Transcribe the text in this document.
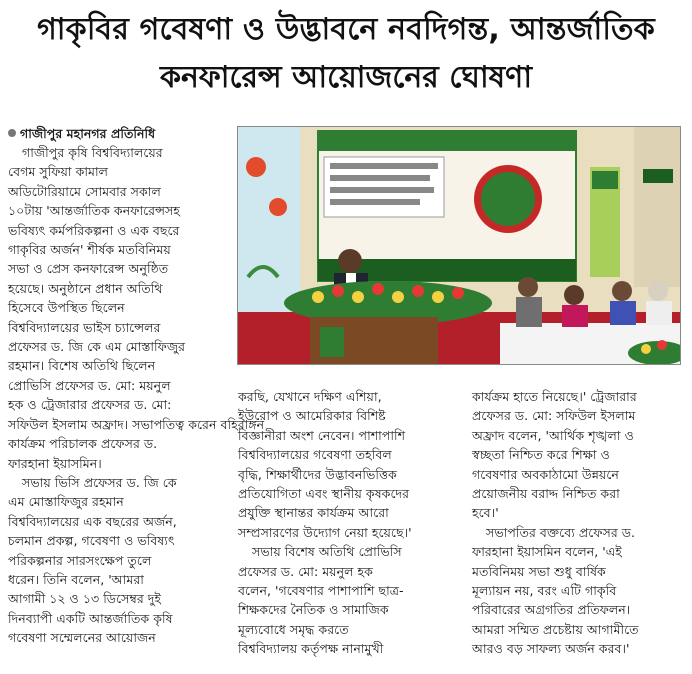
গাকৃবির গবেষণা ও উদ্ভাবনে নবদিগন্ত, আন্তর্জাতিক
কনফারেন্স আয়োজনের ঘোষণা
গাজীপুর মহানগর প্রতিনিধি

গাজীপুর কৃষি বিশ্ববিদ্যালয়ের

বেগম সুফিয়া কামাল

অডিটোরিয়ামে সোমবার সকাল

১০টায় 'আন্তর্জাতিক কনফারেন্সসহ

ভবিষ্যৎ কর্মপরিকল্পনা ও এক বছরে

গাকৃবির অর্জন' শীর্ষক মতবিনিময়

সভা ও প্রেস কনফারেন্স অনুষ্ঠিত

হয়েছে। অনুষ্ঠানে প্রধান অতিথি

হিসেবে উপস্থিত ছিলেন

বিশ্ববিদ্যালয়ের ভাইস চ্যান্সেলর

প্রফেসর ড. জি কে এম মোস্তাফিজুর

রহমান। বিশেষ অতিথি ছিলেন

প্রোভিসি প্রফেসর ড. মো: ময়নুল

হক ও ট্রেজারার প্রফেসর ড. মো:

সফিউল ইসলাম অফ্রাদ। সভাপতিত্ব করেন বহিরাঙ্গন

কার্যক্রম পরিচালক প্রফেসর ড.

ফারহানা ইয়াসমিন।

সভায় ভিসি প্রফেসর ড. জি কে

এম মোস্তাফিজুর রহমান

বিশ্ববিদ্যালয়ের এক বছরের অর্জন,

চলমান প্রকল্প, গবেষণা ও ভবিষ্যৎ

পরিকল্পনার সারসংক্ষেপ তুলে

ধরেন। তিনি বলেন, 'আমরা

আগামী ১২ ও ১৩ ডিসেম্বর দুই

দিনব্যাপী একটি আন্তর্জাতিক কৃষি

গবেষণা সম্মেলনের আয়োজন

করছি, যেখানে দক্ষিণ এশিয়া,

ইউরোপ ও আমেরিকার বিশিষ্ট

বিজ্ঞানীরা অংশ নেবেন। পাশাপাশি

বিশ্ববিদ্যালয়ের গবেষণা তহবিল

বৃদ্ধি, শিক্ষার্থীদের উদ্ভাবনভিত্তিক

প্রতিযোগিতা এবং স্থানীয় কৃষকদের

প্রযুক্তি স্থানান্তর কার্যক্রম আরো

সম্প্রসারণের উদ্যোগ নেয়া হয়েছে।'

সভায় বিশেষ অতিথি প্রোভিসি

প্রফেসর ড. মো: ময়নুল হক

বলেন, 'গবেষণার পাশাপাশি ছাত্র-

শিক্ষকদের নৈতিক ও সামাজিক

মূল্যবোধে সমৃদ্ধ করতে

বিশ্ববিদ্যালয় কর্তৃপক্ষ নানামুখী

কার্যক্রম হাতে নিয়েছে।' ট্রেজারার

প্রফেসর ড. মো: সফিউল ইসলাম

অফ্রাদ বলেন, 'আর্থিক শৃঙ্খলা ও

স্বচ্ছতা নিশ্চিত করে শিক্ষা ও

গবেষণার অবকাঠামো উন্নয়নে

প্রয়োজনীয় বরাদ্দ নিশ্চিত করা

হবে।'

সভাপতির বক্তব্যে প্রফেসর ড.

ফারহানা ইয়াসমিন বলেন, 'এই

মতবিনিময় সভা শুধু বার্ষিক

মূল্যায়ন নয়, বরং এটি গাকৃবি

পরিবারের অগ্রগতির প্রতিফলন।

আমরা সম্মিত প্রচেষ্টায় আগামীতে

আরও বড় সাফল্য অর্জন করব।'
